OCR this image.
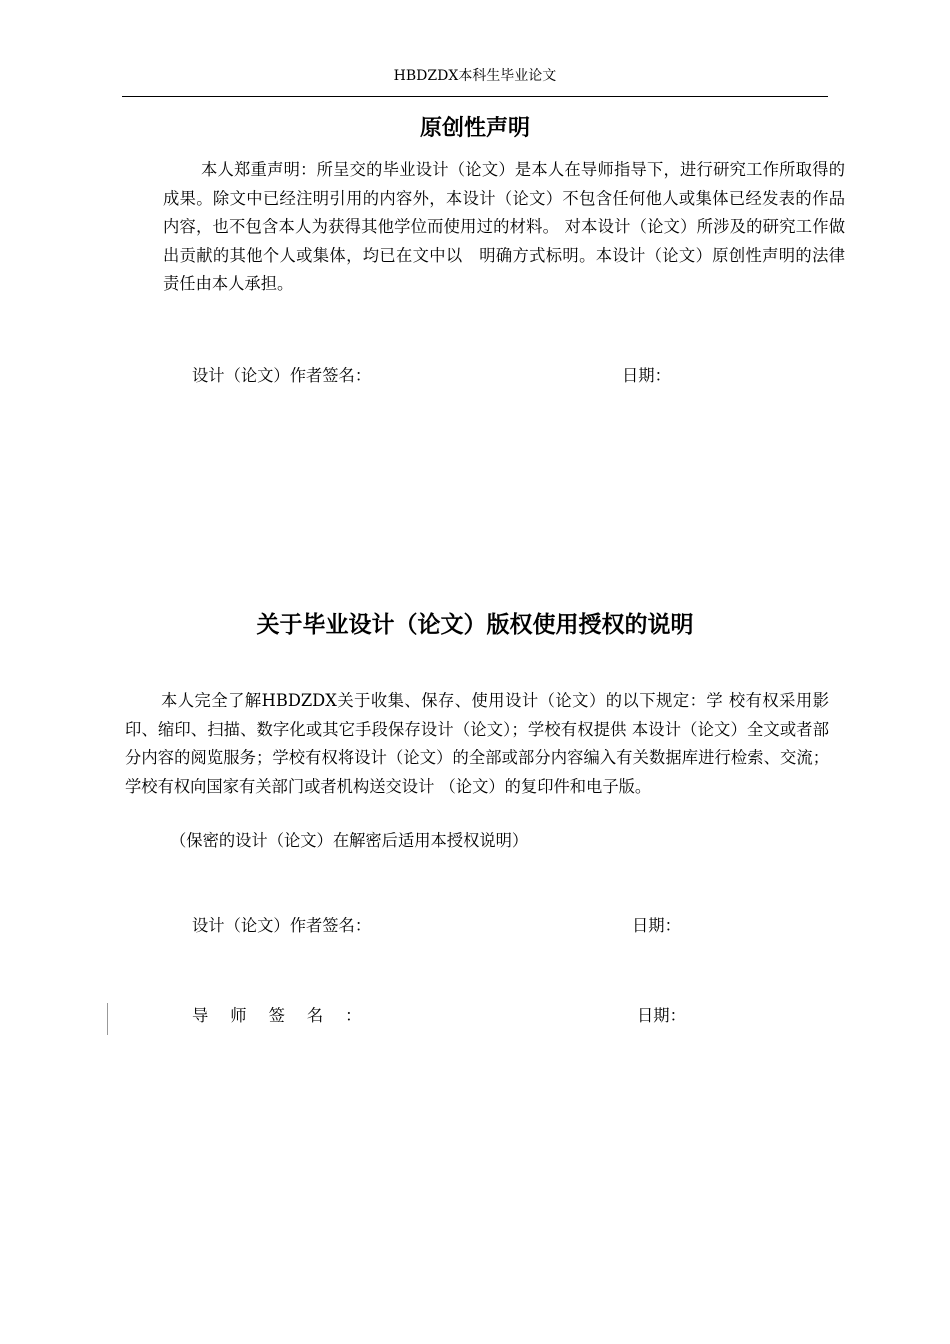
HBDZDX本科生毕业论文
原创性声明
本人郑重声明：所呈交的毕业设计（论文）是本人在导师指导下，进行研究工作所取得的成果。除文中已经注明引用的内容外，本设计（论文）不包含任何他人或集体已经发表的作品内容，也不包含本人为获得其他学位而使用过的材料。 对本设计（论文）所涉及的研究工作做出贡献的其他个人或集体，均已在文中以　明确方式标明。本设计（论文）原创性声明的法律责任由本人承担。
设计（论文）作者签名：	日期：
关于毕业设计（论文）版权使用授权的说明
本人完全了解HBDZDX关于收集、保存、使用设计（论文）的以下规定：学 校有权采用影印、缩印、扫描、数字化或其它手段保存设计（论文）；学校有权提供 本设计（论文）全文或者部分内容的阅览服务；学校有权将设计（论文）的全部或部分内容编入有关数据库进行检索、交流；学校有权向国家有关部门或者机构送交设计 （论文）的复印件和电子版。
（保密的设计（论文）在解密后适用本授权说明）
设计（论文）作者签名：	日期：
导师签名：	日期：
